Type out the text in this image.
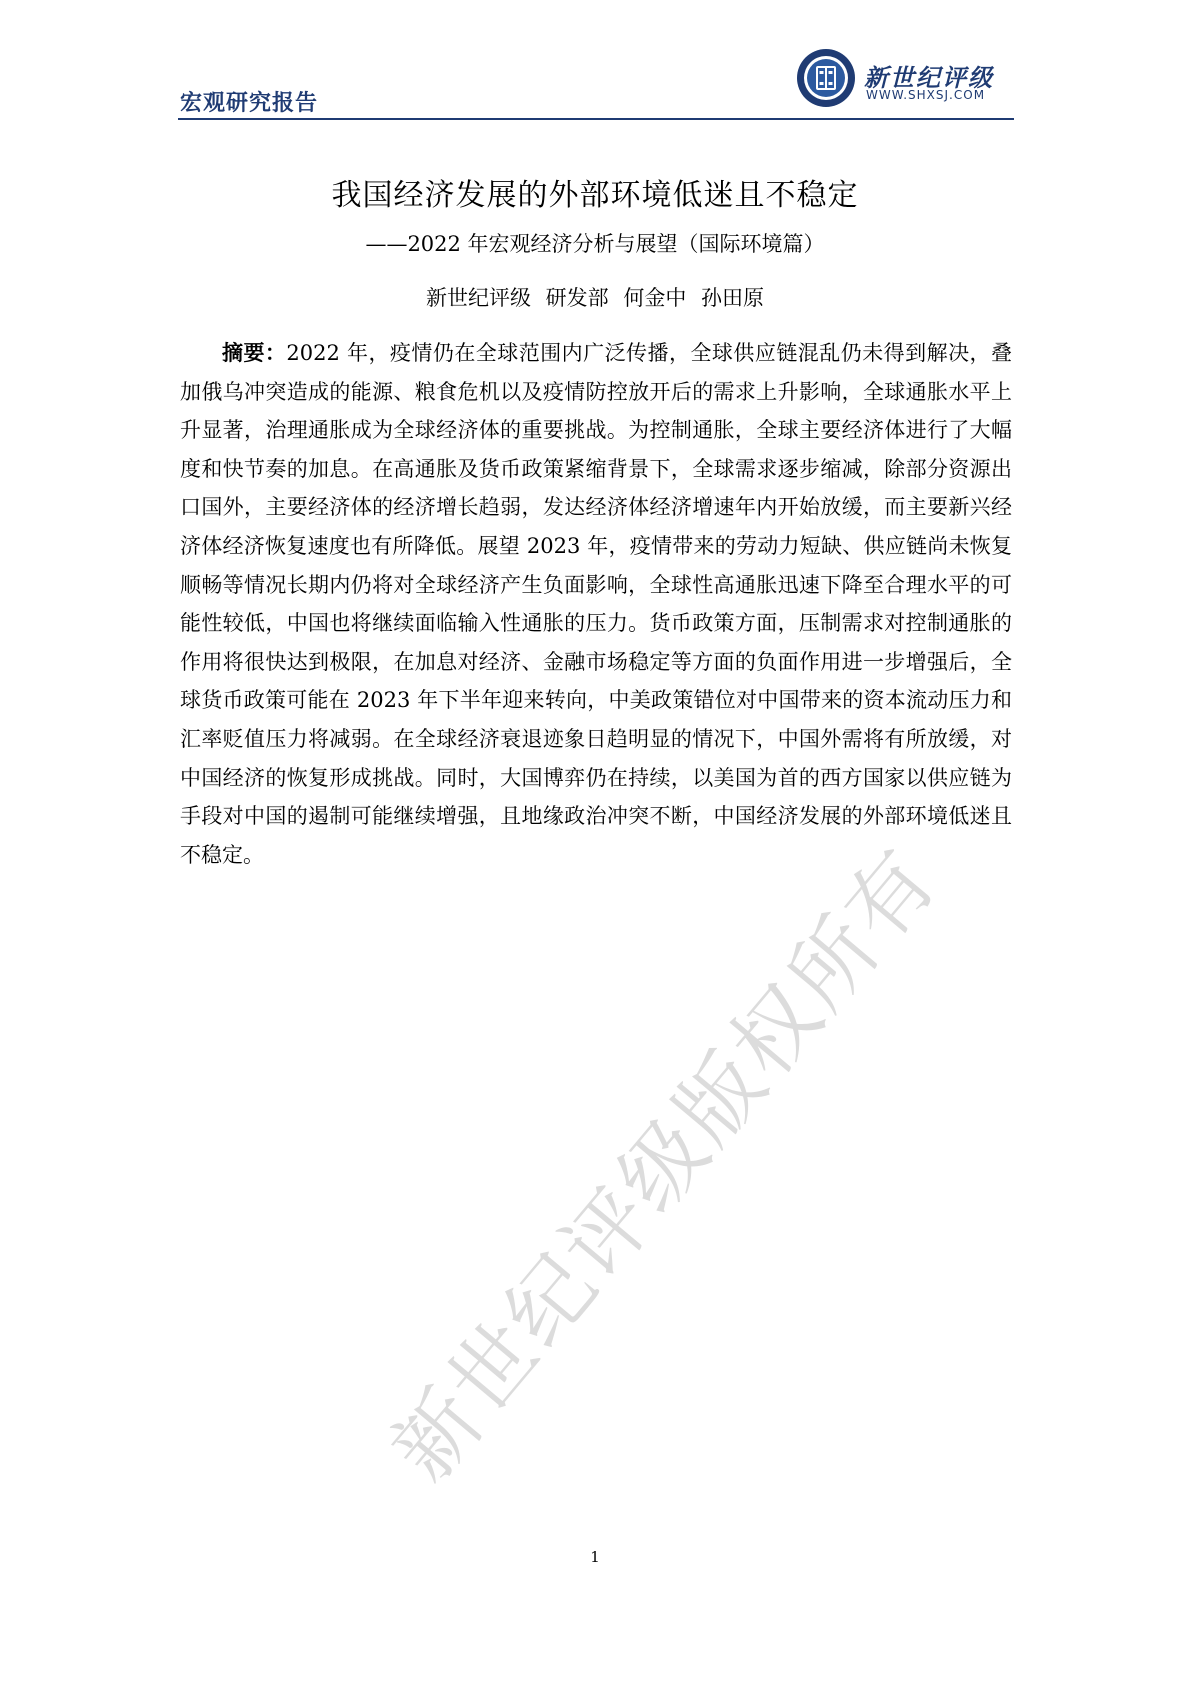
宏观研究报告
新世纪评级
WWW.SHXSJ.COM
我国经济发展的外部环境低迷且不稳定
——2022 年宏观经济分析与展望（国际环境篇）
新世纪评级 研发部 何金中 孙田原

摘要：2022 年，疫情仍在全球范围内广泛传播，全球供应链混乱仍未得到解决，叠加俄乌冲突造成的能源、粮食危机以及疫情防控放开后的需求上升影响，全球通胀水平上升显著，治理通胀成为全球经济体的重要挑战。为控制通胀，全球主要经济体进行了大幅度和快节奏的加息。在高通胀及货币政策紧缩背景下，全球需求逐步缩减，除部分资源出口国外，主要经济体的经济增长趋弱，发达经济体经济增速年内开始放缓，而主要新兴经济体经济恢复速度也有所降低。展望 2023 年，疫情带来的劳动力短缺、供应链尚未恢复顺畅等情况长期内仍将对全球经济产生负面影响，全球性高通胀迅速下降至合理水平的可能性较低，中国也将继续面临输入性通胀的压力。货币政策方面，压制需求对控制通胀的作用将很快达到极限，在加息对经济、金融市场稳定等方面的负面作用进一步增强后，全球货币政策可能在 2023 年下半年迎来转向，中美政策错位对中国带来的资本流动压力和汇率贬值压力将减弱。在全球经济衰退迹象日趋明显的情况下，中国外需将有所放缓，对中国经济的恢复形成挑战。同时，大国博弈仍在持续，以美国为首的西方国家以供应链为手段对中国的遏制可能继续增强，且地缘政治冲突不断，中国经济发展的外部环境低迷且不稳定。	新世纪评级版权所有
1
